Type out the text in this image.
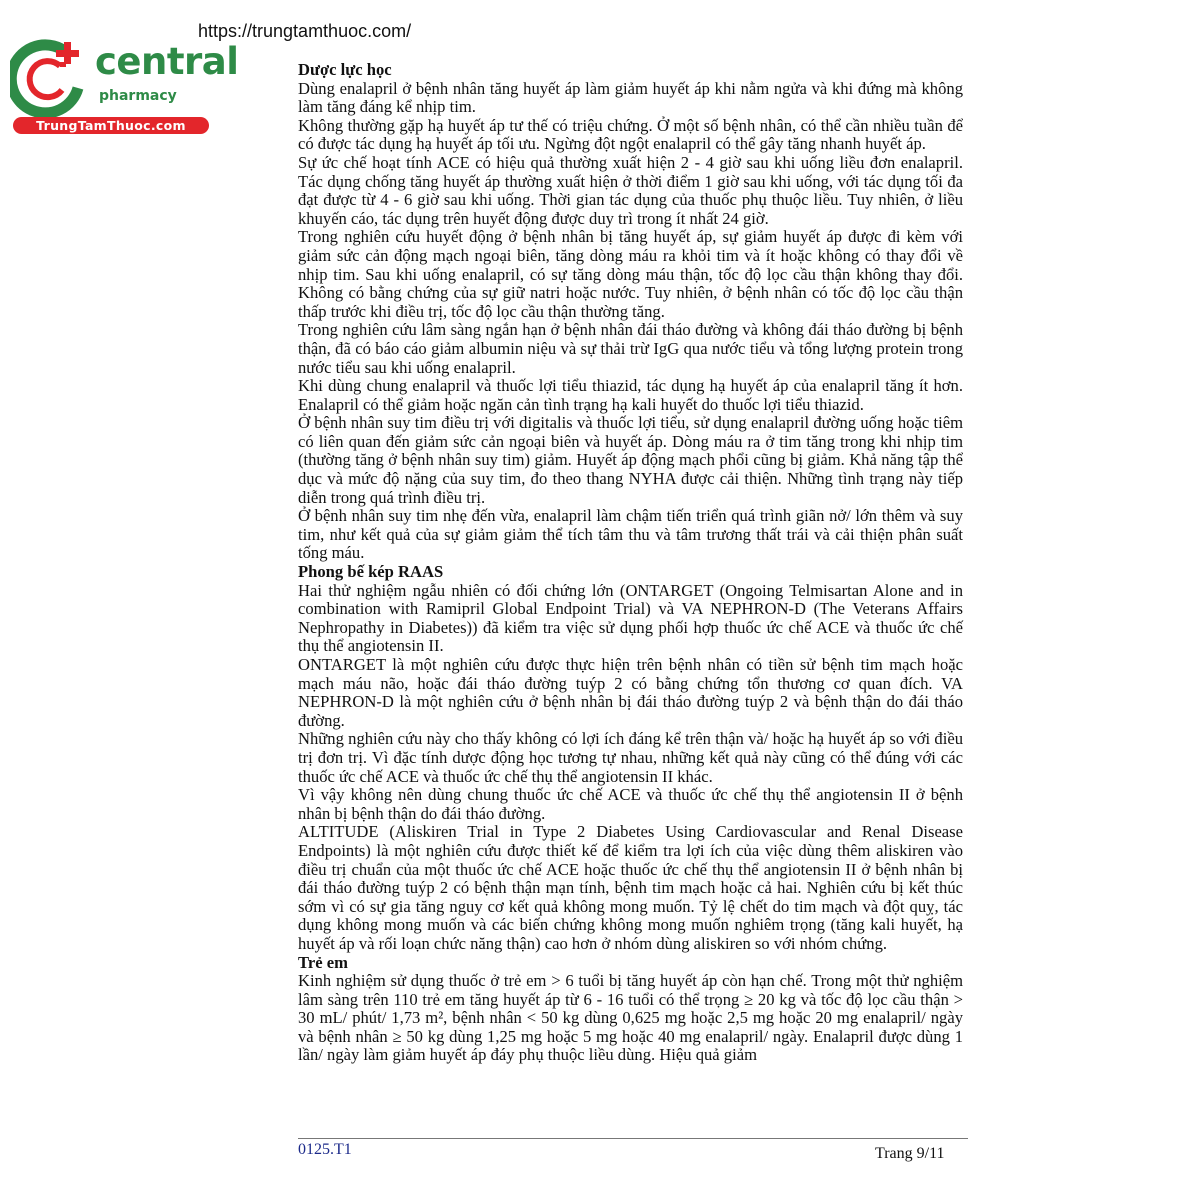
https://trungtamthuoc.com/
central
pharmacy
TrungTamThuoc.com
Dược lực học

Dùng enalapril ở bệnh nhân tăng huyết áp làm giảm huyết áp khi nằm ngửa và khi đứng mà không làm tăng đáng kể nhịp tim.

Không thường gặp hạ huyết áp tư thế có triệu chứng. Ở một số bệnh nhân, có thể cần nhiều tuần để có được tác dụng hạ huyết áp tối ưu. Ngừng đột ngột enalapril có thể gây tăng nhanh huyết áp.

Sự ức chế hoạt tính ACE có hiệu quả thường xuất hiện 2 - 4 giờ sau khi uống liều đơn enalapril. Tác dụng chống tăng huyết áp thường xuất hiện ở thời điểm 1 giờ sau khi uống, với tác dụng tối đa đạt được từ 4 - 6 giờ sau khi uống. Thời gian tác dụng của thuốc phụ thuộc liều. Tuy nhiên, ở liều khuyến cáo, tác dụng trên huyết động được duy trì trong ít nhất 24 giờ.

Trong nghiên cứu huyết động ở bệnh nhân bị tăng huyết áp, sự giảm huyết áp được đi kèm với giảm sức cản động mạch ngoại biên, tăng dòng máu ra khỏi tim và ít hoặc không có thay đổi về nhịp tim. Sau khi uống enalapril, có sự tăng dòng máu thận, tốc độ lọc cầu thận không thay đổi. Không có bằng chứng của sự giữ natri hoặc nước. Tuy nhiên, ở bệnh nhân có tốc độ lọc cầu thận thấp trước khi điều trị, tốc độ lọc cầu thận thường tăng.

Trong nghiên cứu lâm sàng ngắn hạn ở bệnh nhân đái tháo đường và không đái tháo đường bị bệnh thận, đã có báo cáo giảm albumin niệu và sự thải trừ IgG qua nước tiểu và tổng lượng protein trong nước tiểu sau khi uống enalapril.

Khi dùng chung enalapril và thuốc lợi tiểu thiazid, tác dụng hạ huyết áp của enalapril tăng ít hơn. Enalapril có thể giảm hoặc ngăn cản tình trạng hạ kali huyết do thuốc lợi tiểu thiazid.

Ở bệnh nhân suy tim điều trị với digitalis và thuốc lợi tiểu, sử dụng enalapril đường uống hoặc tiêm có liên quan đến giảm sức cản ngoại biên và huyết áp. Dòng máu ra ở tim tăng trong khi nhịp tim (thường tăng ở bệnh nhân suy tim) giảm. Huyết áp động mạch phổi cũng bị giảm. Khả năng tập thể dục và mức độ nặng của suy tim, đo theo thang NYHA được cải thiện. Những tình trạng này tiếp diễn trong quá trình điều trị.

Ở bệnh nhân suy tim nhẹ đến vừa, enalapril làm chậm tiến triển quá trình giãn nở/ lớn thêm và suy tim, như kết quả của sự giảm giảm thể tích tâm thu và tâm trương thất trái và cải thiện phân suất tống máu.

Phong bế kép RAAS

Hai thử nghiệm ngẫu nhiên có đối chứng lớn (ONTARGET (Ongoing Telmisartan Alone and in combination with Ramipril Global Endpoint Trial) và VA NEPHRON-D (The Veterans Affairs Nephropathy in Diabetes)) đã kiểm tra việc sử dụng phối hợp thuốc ức chế ACE và thuốc ức chế thụ thể angiotensin II.

ONTARGET là một nghiên cứu được thực hiện trên bệnh nhân có tiền sử bệnh tim mạch hoặc mạch máu não, hoặc đái tháo đường tuýp 2 có bằng chứng tổn thương cơ quan đích. VA NEPHRON-D là một nghiên cứu ở bệnh nhân bị đái tháo đường tuýp 2 và bệnh thận do đái tháo đường.

Những nghiên cứu này cho thấy không có lợi ích đáng kể trên thận và/ hoặc hạ huyết áp so với điều trị đơn trị. Vì đặc tính dược động học tương tự nhau, những kết quả này cũng có thể đúng với các thuốc ức chế ACE và thuốc ức chế thụ thể angiotensin II khác.

Vì vậy không nên dùng chung thuốc ức chế ACE và thuốc ức chế thụ thể angiotensin II ở bệnh nhân bị bệnh thận do đái tháo đường.

ALTITUDE (Aliskiren Trial in Type 2 Diabetes Using Cardiovascular and Renal Disease Endpoints) là một nghiên cứu được thiết kế để kiểm tra lợi ích của việc dùng thêm aliskiren vào điều trị chuẩn của một thuốc ức chế ACE hoặc thuốc ức chế thụ thể angiotensin II ở bệnh nhân bị đái tháo đường tuýp 2 có bệnh thận mạn tính, bệnh tim mạch hoặc cả hai. Nghiên cứu bị kết thúc sớm vì có sự gia tăng nguy cơ kết quả không mong muốn. Tỷ lệ chết do tim mạch và đột quỵ, tác dụng không mong muốn và các biến chứng không mong muốn nghiêm trọng (tăng kali huyết, hạ huyết áp và rối loạn chức năng thận) cao hơn ở nhóm dùng aliskiren so với nhóm chứng.

Trẻ em

Kinh nghiệm sử dụng thuốc ở trẻ em > 6 tuổi bị tăng huyết áp còn hạn chế. Trong một thử nghiệm lâm sàng trên 110 trẻ em tăng huyết áp từ 6 - 16 tuổi có thể trọng ≥ 20 kg và tốc độ lọc cầu thận > 30 mL/ phút/ 1,73 m², bệnh nhân < 50 kg dùng 0,625 mg hoặc 2,5 mg hoặc 20 mg enalapril/ ngày và bệnh nhân ≥ 50 kg dùng 1,25 mg hoặc 5 mg hoặc 40 mg enalapril/ ngày. Enalapril được dùng 1 lần/ ngày làm giảm huyết áp đáy phụ thuộc liều dùng. Hiệu quả giảm

0125.T1	Trang 9/11
